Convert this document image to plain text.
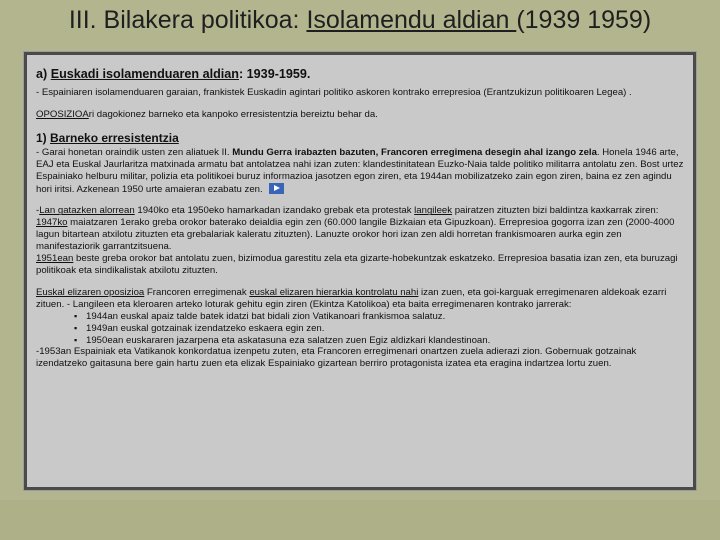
III. Bilakera politikoa: Isolamendu aldian (1939 1959)
a) Euskadi isolamenduaren aldian: 1939-1959.

- Espainiaren isolamenduaren garaian, frankistek Euskadin agintari politiko askoren kontrako errepresioa (Erantzukizun politikoaren Legea) .

OPOSIZIOAri dagokionez barneko eta kanpoko erresistentzia bereiztu behar da.

1) Barneko erresistentzia

- Garai honetan oraindik usten zen aliatuek II. Mundu Gerra irabazten bazuten, Francoren erregimena desegin ahal izango zela. Honela 1946 arte, EAJ eta Euskal Jaurlaritza matxinada armatu bat antolatzea nahi izan zuten: klandestinitatean Euzko-Naia talde politiko militarra antolatu zen. Bost urtez Espainiako helburu militar, polizia eta politikoei buruz informazioa jasotzen egon ziren, eta 1944an mobilizatzeko zain egon ziren, baina ez zen agindu hori iritsi. Azkenean 1950 urte amaieran ezabatu zen.

-Lan gatazken alorrean 1940ko eta 1950eko hamarkadan izandako grebak eta protestak langileek pairatzen zituzten bizi baldintza kaxkarrak ziren:
1947ko maiatzaren 1erako greba orokor baterako deialdia egin zen (60.000 langile Bizkaian eta Gipuzkoan). Errepresioa gogorra izan zen (2000-4000 lagun bitartean atxilotu zituzten eta grebalariak kaleratu zituzten). Lanuzte orokor hori izan zen aldi horretan frankismoaren aurka egin zen manifestaziorik garrantzitsuena.
1951ean beste greba orokor bat antolatu zuen, bizimodua garestitu zela eta gizarte-hobekuntzak eskatzeko. Errepresioa basatia izan zen, eta buruzagi politikoak eta sindikalistak atxilotu zituzten.

Euskal elizaren oposizioa Francoren erregimenak euskal elizaren hierarkia kontrolatu nahi izan zuen, eta goi-karguak erregimenaren aldekoak ezarri zituen. - Langileen eta kleroaren arteko loturak gehitu egin ziren (Ekintza Katolikoa) eta baita erregimenaren kontrako jarrerak:

▪ 1944an euskal apaiz talde batek idatzi bat bidali zion Vatikanoari frankismoa salatuz.
▪ 1949an euskal gotzainak izendatzeko eskaera egin zen.
▪ 1950ean euskararen jazarpena eta askatasuna eza salatzen zuen Egiz aldizkari klandestinoan.

-1953an Espainiak eta Vatikanok konkordatua izenpetu zuten, eta Francoren erregimenari onartzen zuela adierazi zion. Gobernuak gotzainak izendatzeko gaitasuna bere gain hartu zuen eta elizak Espainiako gizartean berriro protagonista izatea eta eragina indartzea lortu zuen.
